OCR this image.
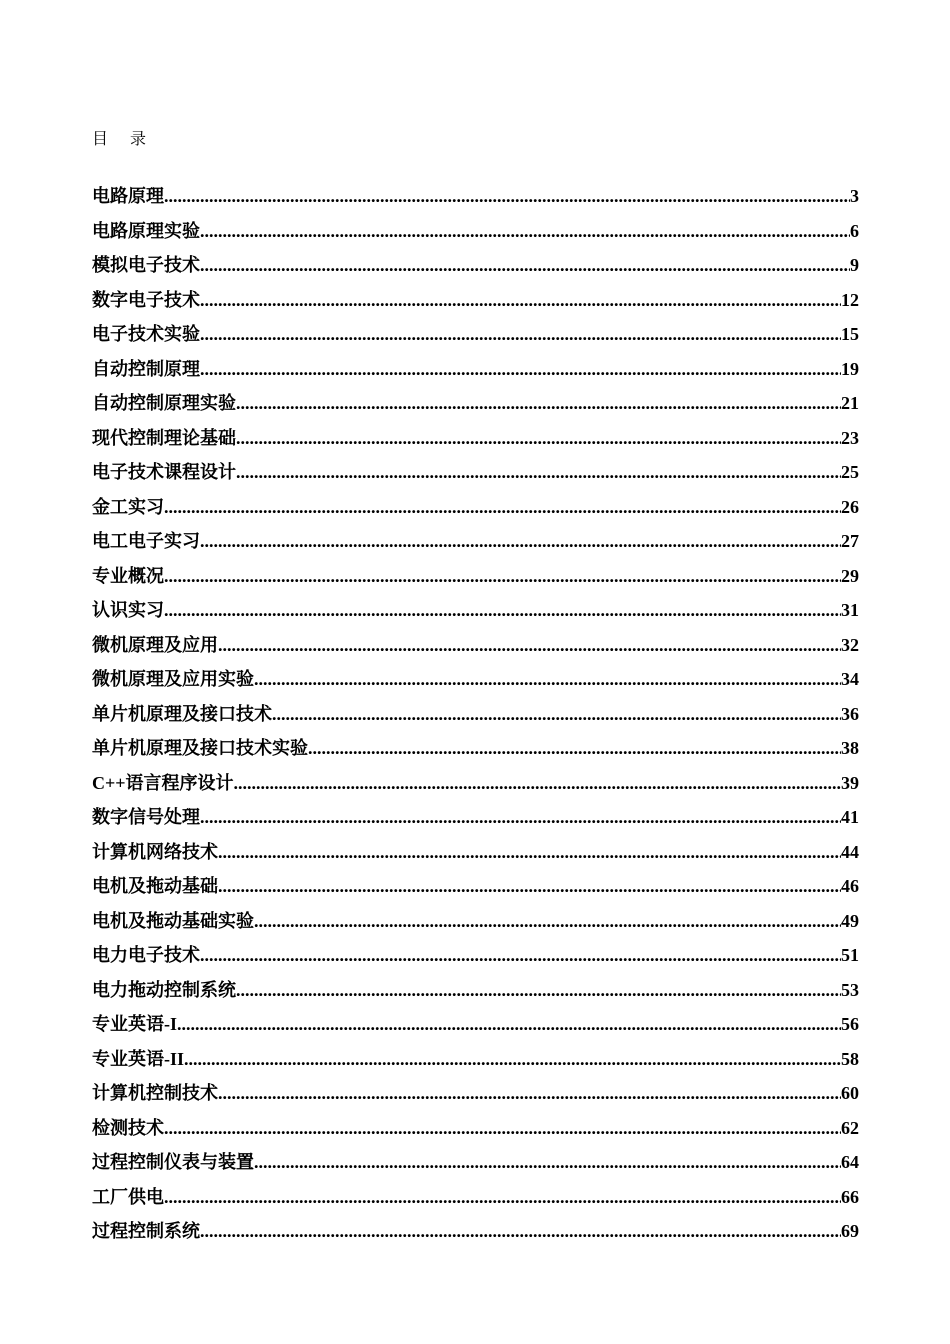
目录
电路原理 .....	3
电路原理实验 .....	6
模拟电子技术 .....	9
数字电子技术 .....	12
电子技术实验 .....	15
自动控制原理 .....	19
自动控制原理实验 .....	21
现代控制理论基础 .....	23
电子技术课程设计 .....	25
金工实习 .....	26
电工电子实习 .....	27
专业概况 .....	29
认识实习 .....	31
微机原理及应用 .....	32
微机原理及应用实验 .....	34
单片机原理及接口技术 .....	36
单片机原理及接口技术实验 .....	38
C++语言程序设计 .....	39
数字信号处理 .....	41
计算机网络技术 .....	44
电机及拖动基础 .....	46
电机及拖动基础实验 .....	49
电力电子技术 .....	51
电力拖动控制系统 .....	53
专业英语-I .....	56
专业英语-II .....	58
计算机控制技术 .....	60
检测技术 .....	62
过程控制仪表与装置 .....	64
工厂供电 .....	66
过程控制系统 .....	69
